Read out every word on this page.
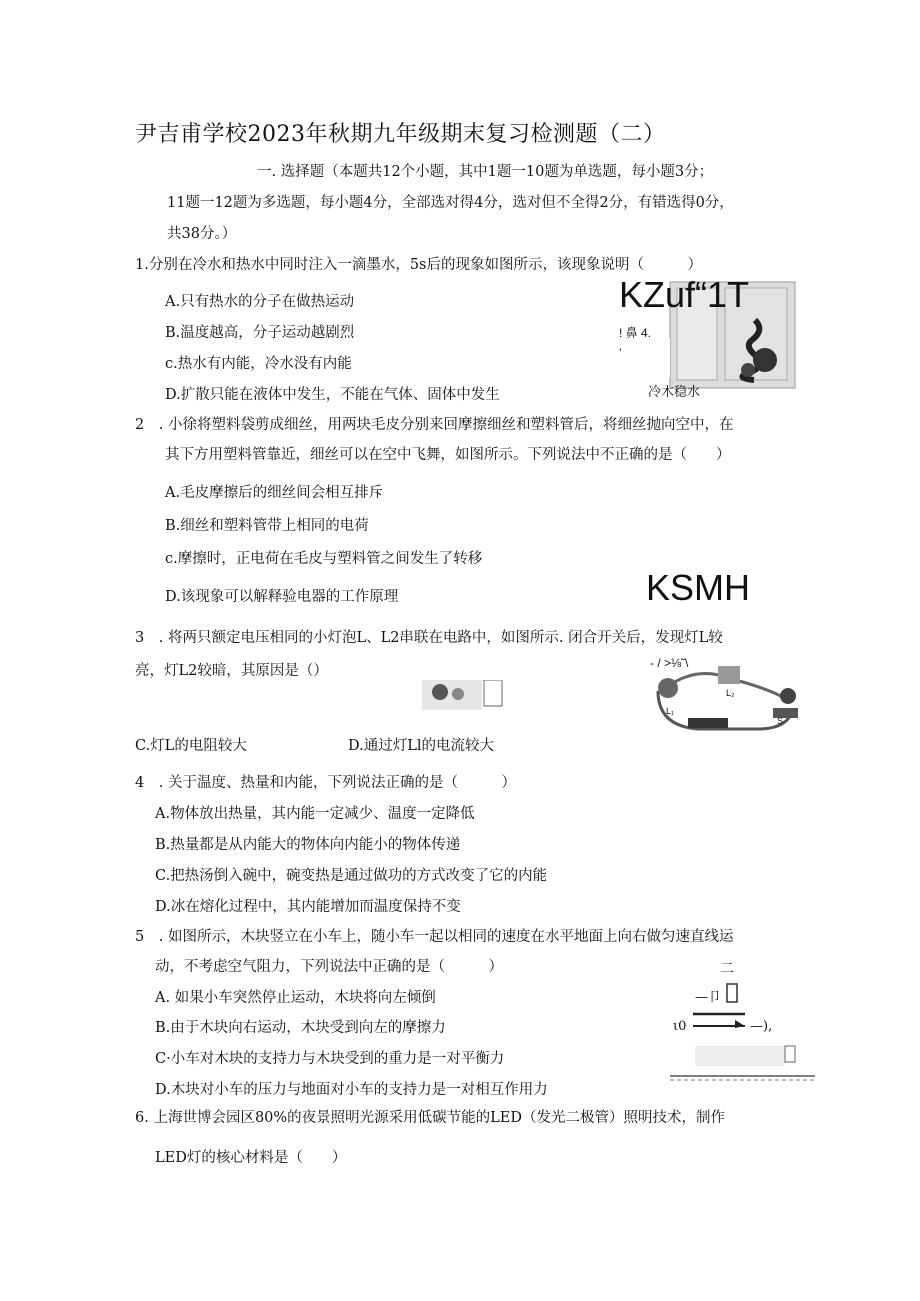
尹吉甫学校2023年秋期九年级期末复习检测题（二）
一. 选择题（本题共12个小题，其中1题一10题为单选题，每小题3分；
11题一12题为多选题，每小题4分，全部选对得4分，选对但不全得2分，有错选得0分，
共38分。）
1.分别在冷水和热水中同时注入一滴墨水，5s后的现象如图所示，该现象说明（　　　）
A.只有热水的分子在做热运动
B.温度越高，分子运动越剧烈
c.热水有内能，冷水没有内能
D.扩散只能在液体中发生，不能在气体、固体中发生
KZuf“1T
! 鼻 4.
’
冷木稳水
2　. 小徐将塑料袋剪成细丝，用两块毛皮分别来回摩擦细丝和塑料管后，将细丝抛向空中，在
其下方用塑料管靠近，细丝可以在空中飞舞，如图所示。下列说法中不正确的是（　　）
A.毛皮摩擦后的细丝间会相互排斥
B.细丝和塑料管带上相同的电荷
c.摩擦时，正电荷在毛皮与塑料管之间发生了转移
D.该现象可以解释验电器的工作原理	KSMH
3　. 将两只额定电压相同的小灯泡L、L2串联在电路中，如图所示. 闭合开关后，发现灯L较
亮，灯L2较暗，其原因是（）	- / >⅛˜\
L₁
L₂
S
C.灯L的电阻较大	D.通过灯Ll的电流较大
4　. 关于温度、热量和内能，下列说法正确的是（　　　）
A.物体放出热量，其内能一定减少、温度一定降低
B.热量都是从内能大的物体向内能小的物体传递
C.把热汤倒入碗中，碗变热是通过做功的方式改变了它的内能
D.冰在熔化过程中，其内能增加而温度保持不变
5　. 如图所示，木块竖立在小车上，随小车一起以相同的速度在水平地面上向右做匀速直线运
动，不考虑空气阻力，下列说法中正确的是（　　　）
A. 如果小车突然停止运动，木块将向左倾倒
B.由于木块向右运动，木块受到向左的摩擦力
C·小车对木块的支持力与木块受到的重力是一对平衡力
D.木块对小车的压力与地面对小车的支持力是一对相互作用力
二
—卩
ι0	—),
6. 上海世博会园区80%的夜景照明光源采用低碳节能的LED（发光二极管）照明技术，制作
LED灯的核心材料是（　　）
